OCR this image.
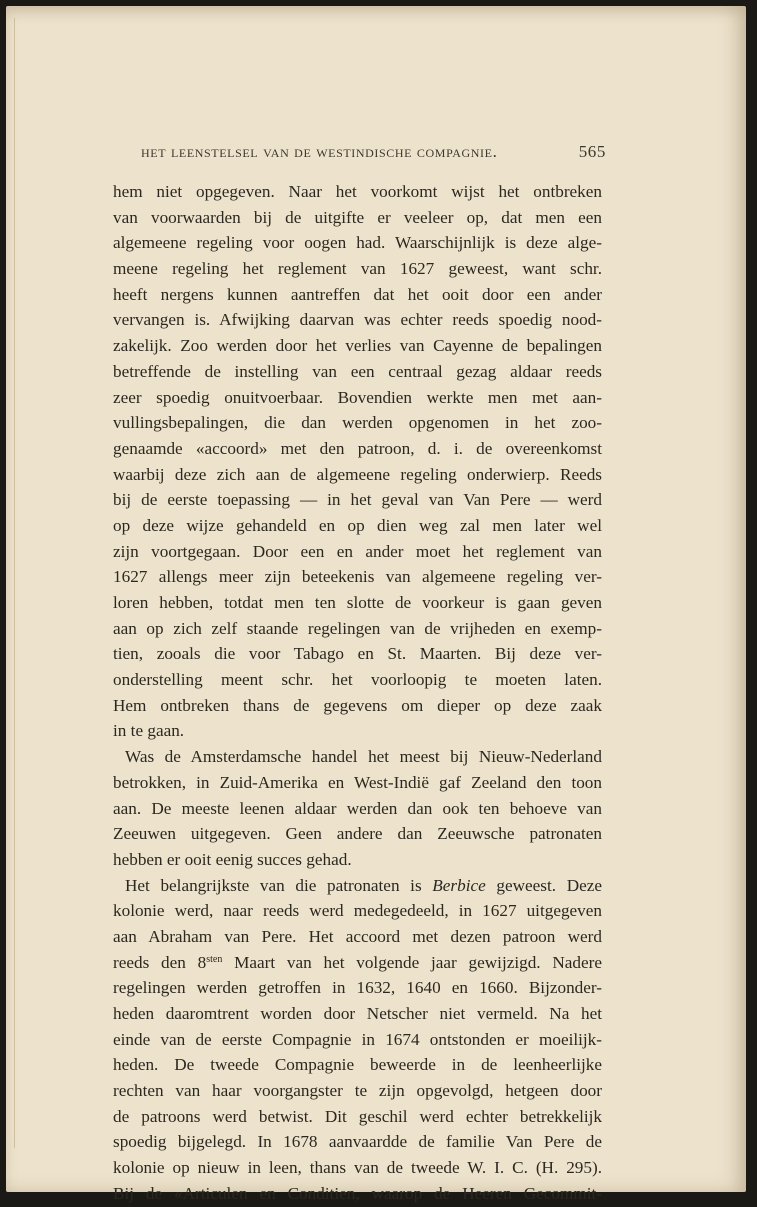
het leenstelsel van de westindische compagnie.	565
hem niet opgegeven. Naar het voorkomt wijst het ontbreken
van voorwaarden bij de uitgifte er veeleer op, dat men een
algemeene regeling voor oogen had. Waarschijnlijk is deze alge-
meene regeling het reglement van 1627 geweest, want schr.
heeft nergens kunnen aantreffen dat het ooit door een ander
vervangen is. Afwijking daarvan was echter reeds spoedig nood-
zakelijk. Zoo werden door het verlies van Cayenne de bepalingen
betreffende de instelling van een centraal gezag aldaar reeds
zeer spoedig onuitvoerbaar. Bovendien werkte men met aan-
vullingsbepalingen, die dan werden opgenomen in het zoo-
genaamde «accoord» met den patroon, d. i. de overeenkomst
waarbij deze zich aan de algemeene regeling onderwierp. Reeds
bij de eerste toepassing — in het geval van Van Pere — werd
op deze wijze gehandeld en op dien weg zal men later wel
zijn voortgegaan. Door een en ander moet het reglement van
1627 allengs meer zijn beteekenis van algemeene regeling ver-
loren hebben, totdat men ten slotte de voorkeur is gaan geven
aan op zich zelf staande regelingen van de vrijheden en exemp-
tien, zooals die voor Tabago en St. Maarten. Bij deze ver-
onderstelling meent schr. het voorloopig te moeten laten.
Hem ontbreken thans de gegevens om dieper op deze zaak
in te gaan.
Was de Amsterdamsche handel het meest bij Nieuw-Nederland
betrokken, in Zuid-Amerika en West-Indië gaf Zeeland den toon
aan. De meeste leenen aldaar werden dan ook ten behoeve van
Zeeuwen uitgegeven. Geen andere dan Zeeuwsche patronaten
hebben er ooit eenig succes gehad.
Het belangrijkste van die patronaten is Berbice geweest. Deze
kolonie werd, naar reeds werd medegedeeld, in 1627 uitgegeven
aan Abraham van Pere. Het accoord met dezen patroon werd
reeds den $8^{sten}$ Maart van het volgende jaar gewijzigd. Nadere
regelingen werden getroffen in 1632, 1640 en 1660. Bijzonder-
heden daaromtrent worden door Netscher niet vermeld. Na het
einde van de eerste Compagnie in 1674 ontstonden er moeilijk-
heden. De tweede Compagnie beweerde in de leenheerlijke
rechten van haar voorgangster te zijn opgevolgd, hetgeen door
de patroons werd betwist. Dit geschil werd echter betrekkelijk
spoedig bijgelegd. In 1678 aanvaardde de familie Van Pere de
kolonie op nieuw in leen, thans van de tweede W. I. C. (H. 295).
Bij de «Articulen en Conditien, waarop de Heeren Gecommit-
